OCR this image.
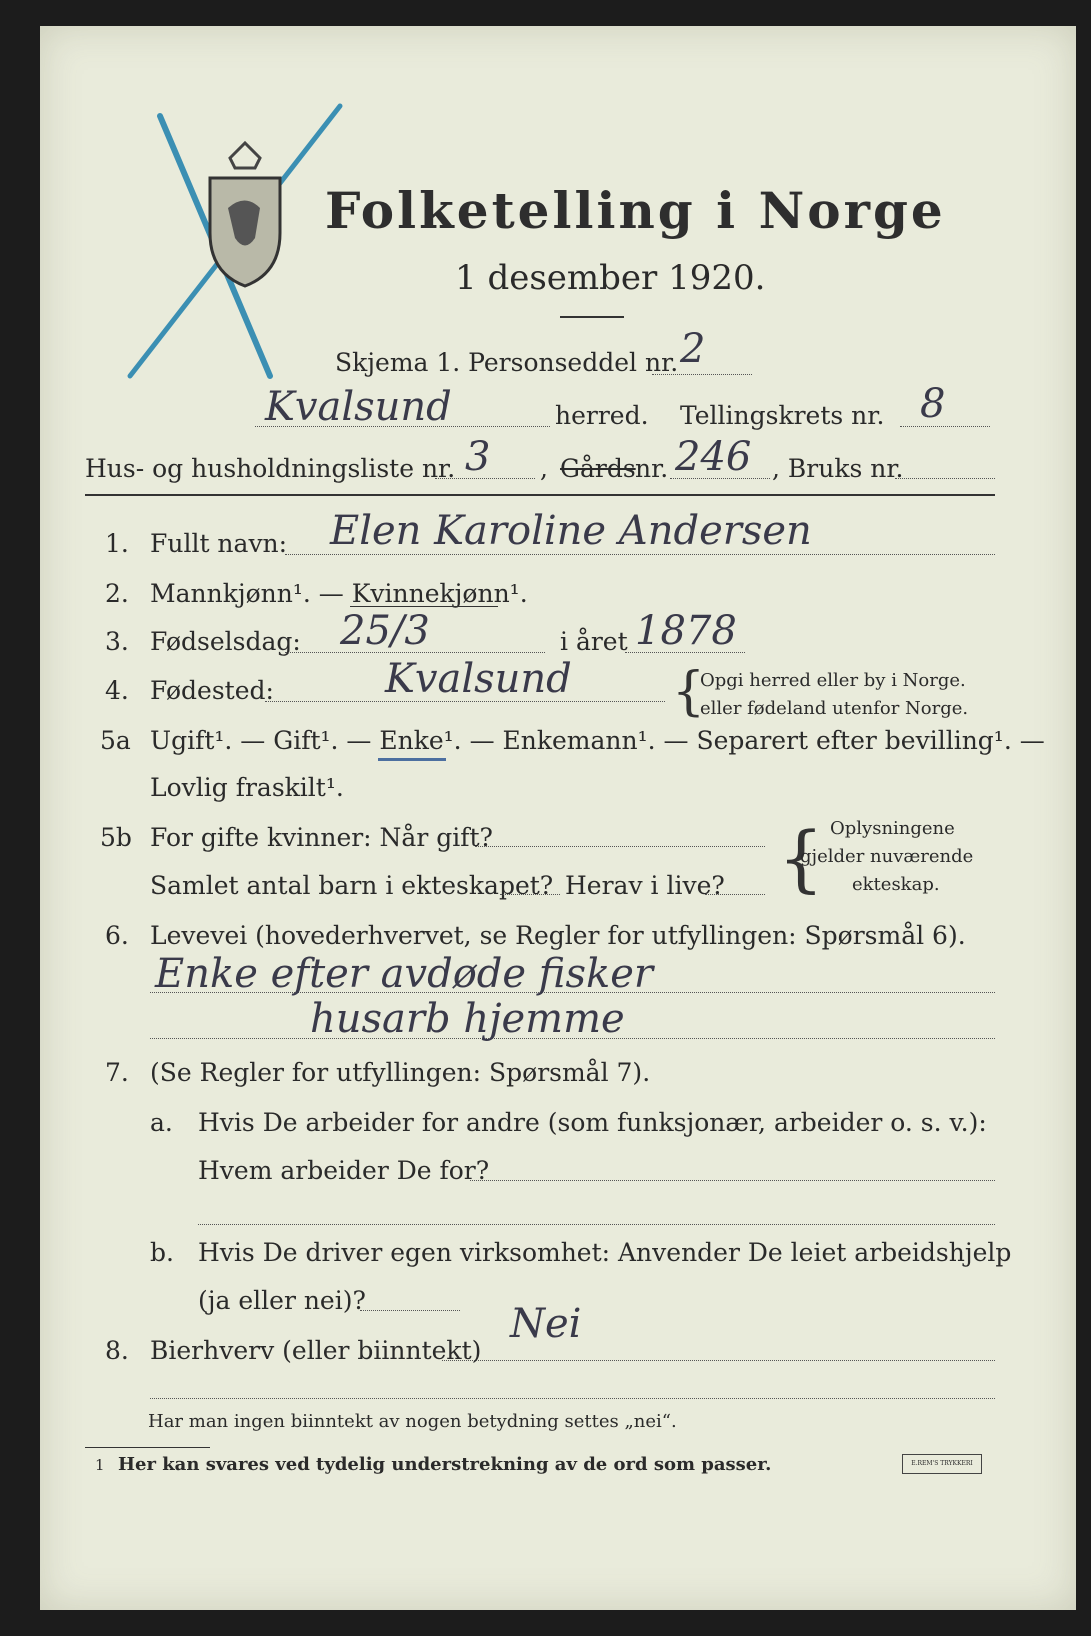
Folketelling i Norge
1 desember 1920.
Skjema 1. Personseddel nr. 2
Kvalsund	herred. Tellingskrets nr. 8
Hus- og husholdningsliste nr. 3 , Gårds nr. 246 , Bruks nr.
1. Fullt navn: Elen Karoline Andersen
2. Mannkjønn¹. — Kvinnekjønn¹.
3. Fødselsdag: 25/3	i året 1878
4. Fødested:	Kvalsund {
Opgi herred eller by i Norge.
eller fødeland utenfor Norge.
5a Ugift¹. — Gift¹. — Enke¹. — Enkemann¹. — Separert efter bevilling¹. —
Lovlig fraskilt¹.
5b For gifte kvinner: Når gift?
Samlet antal barn i ekteskapet? Herav i live? { Oplysningene
gjelder nuværende
ekteskap.
6. Levevei (hovederhvervet, se Regler for utfyllingen: Spørsmål 6).
Enke efter avdøde fisker
husarb hjemme
7. (Se Regler for utfyllingen: Spørsmål 7).
a. Hvis De arbeider for andre (som funksjonær, arbeider o. s. v.):
Hvem arbeider De for?
b. Hvis De driver egen virksomhet: Anvender De leiet arbeidshjelp
(ja eller nei)?
8. Bierhverv (eller biinntekt)
Nei
Har man ingen biinntekt av nogen betydning settes „nei“.
1 Her kan svares ved tydelig understrekning av de ord som passer.	E.REM'S TRYKKERI
